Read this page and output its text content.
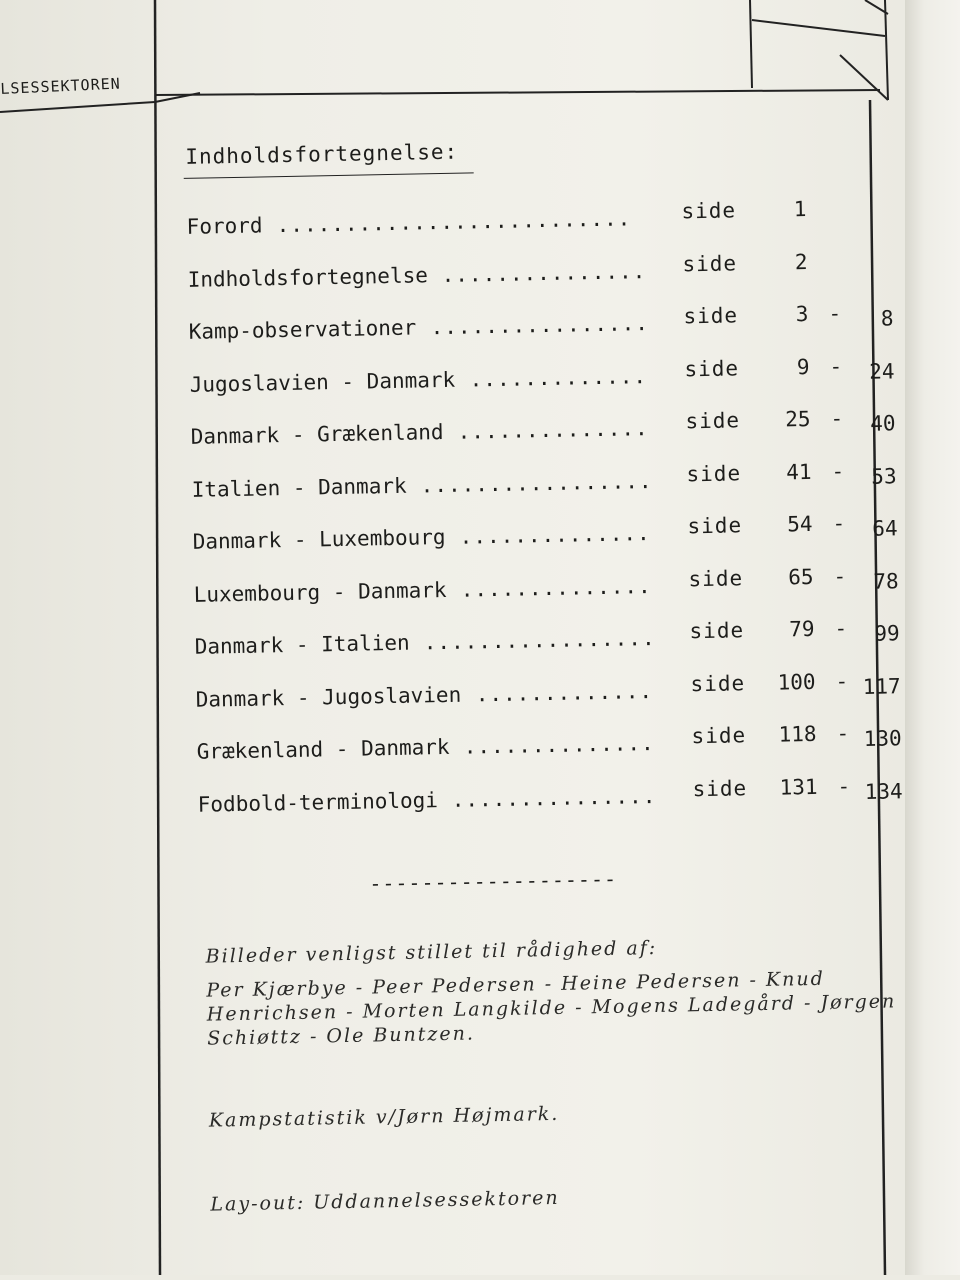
LSESSEKTOREN
Indholdsfortegnelse:
Forord .......................... side	1
Indholdsfortegnelse ............... side	2
Kamp-observationer ................ side	3 - 8
Jugoslavien - Danmark ............. side	9 - 24
Danmark - Grækenland .............. side 25 - 40
Italien - Danmark ................. side 41 - 53
Danmark - Luxembourg .............. side 54 - 64
Luxembourg - Danmark .............. side 65 - 78
Danmark - Italien ................. side 79 - 99
Danmark - Jugoslavien ............. side 100 - 117
Grækenland - Danmark .............. side 118 - 130
Fodbold-terminologi ............... side 131 - 134
-------------------

Billeder venligst stillet til rådighed af:

Per Kjærbye - Peer Pedersen - Heine Pedersen - Knud Henrichsen - Morten Langkilde - Mogens Ladegård - Jørgen Schiøttz - Ole Buntzen.

Kampstatistik v/Jørn Højmark.

Lay-out: Uddannelsessektoren
